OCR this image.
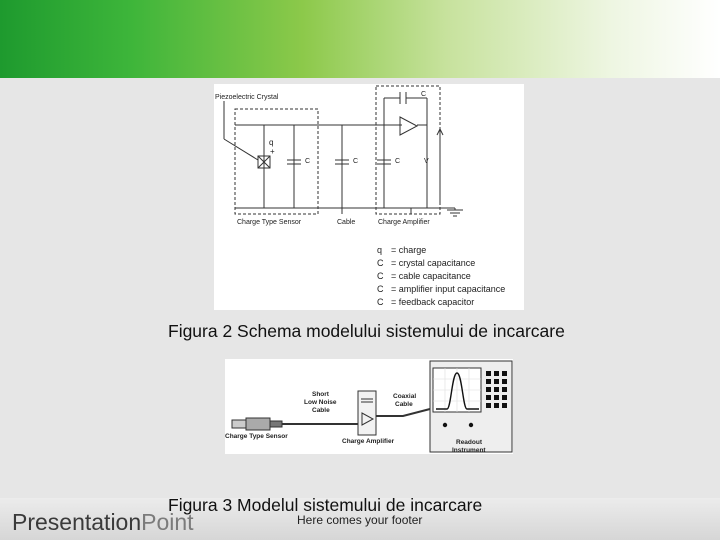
Piezoelectric Crystal
q
+
C	C	C
C
V
Charge Type Sensor	Cable	Charge Amplifier
q = charge
C = crystal capacitance
C = cable capacitance
C = amplifier input capacitance
C = feedback capacitor
Figura 2 Schema modelului sistemului de incarcare
Short
Low Noise
Cable
Coaxial
Cable
Charge Type Sensor
Charge Amplifier	Readout
Instrument
Figura 3 Modelul sistemului de incarcare
PresentationPoint	Here comes your footer
